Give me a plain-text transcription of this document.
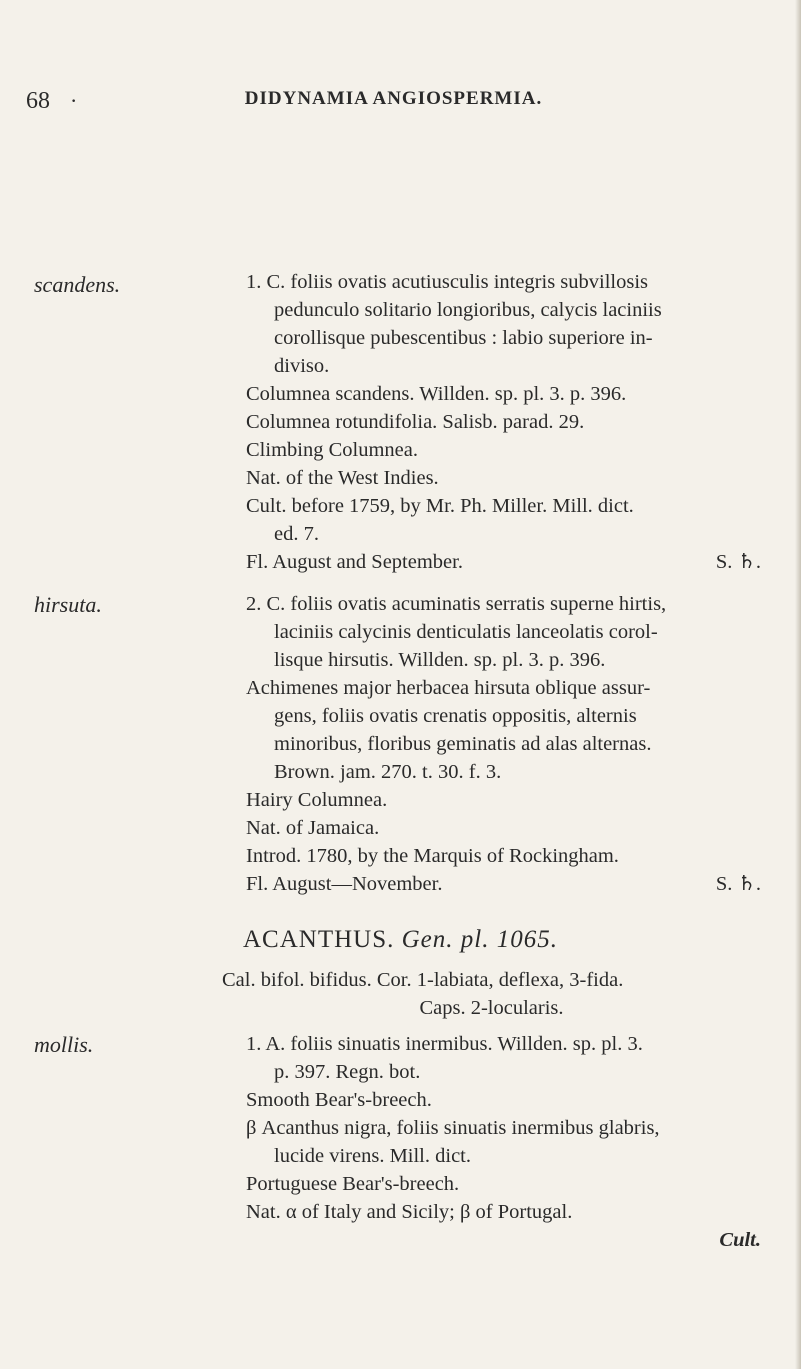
68 ·	DIDYNAMIA ANGIOSPERMIA.
scandens.	1. C. foliis ovatis acutiusculis integris subvillosis
pedunculo solitario longioribus, calycis laciniis
corollisque pubescentibus : labio superiore in-
diviso.
Columnea scandens. Willden. sp. pl. 3. p. 396.
Columnea rotundifolia. Salisb. parad. 29.
Climbing Columnea.
Nat. of the West Indies.
Cult. before 1759, by Mr. Ph. Miller. Mill. dict.
ed. 7.
Fl. August and September.	S. ♄.
hirsuta.	2. C. foliis ovatis acuminatis serratis superne hirtis,
laciniis calycinis denticulatis lanceolatis corol-
lisque hirsutis. Willden. sp. pl. 3. p. 396.
Achimenes major herbacea hirsuta oblique assur-
gens, foliis ovatis crenatis oppositis, alternis
minoribus, floribus geminatis ad alas alternas.
Brown. jam. 270. t. 30. f. 3.
Hairy Columnea.
Nat. of Jamaica.
Introd. 1780, by the Marquis of Rockingham.
Fl. August—November.	S. ♄.
ACANTHUS. Gen. pl. 1065.
Cal. bifol. bifidus. Cor. 1-labiata, deflexa, 3-fida.
Caps. 2-locularis.
mollis.	1. A. foliis sinuatis inermibus. Willden. sp. pl. 3.
p. 397. Regn. bot.
Smooth Bear's-breech.
β Acanthus nigra, foliis sinuatis inermibus glabris,
lucide virens. Mill. dict.
Portuguese Bear's-breech.
Nat. α of Italy and Sicily; β of Portugal.
Cult.
